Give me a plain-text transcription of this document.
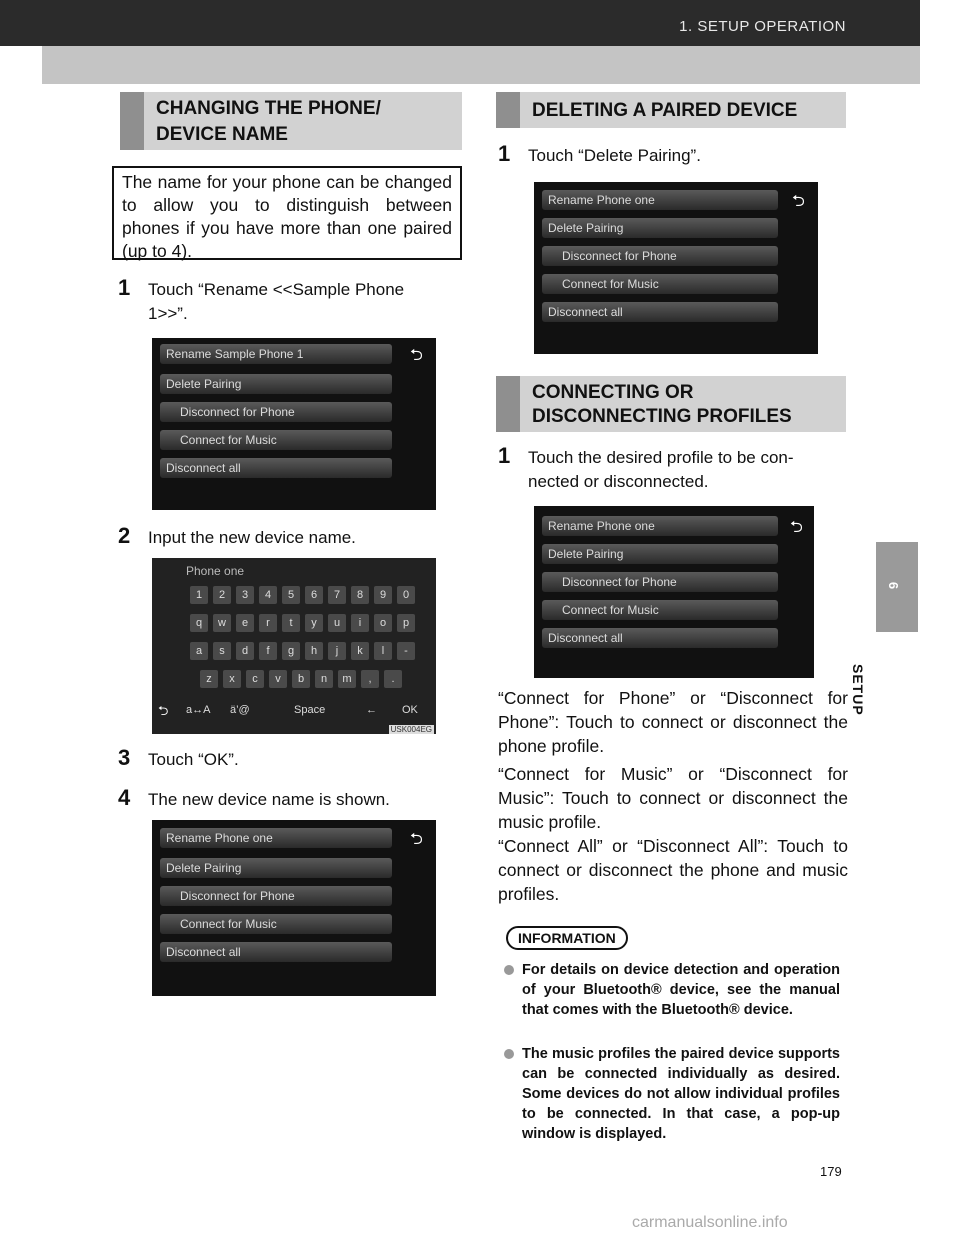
1. SETUP OPERATION
CHANGING THE PHONE/
DEVICE NAME
The name for your phone can be changed to allow you to distinguish between phones if you have more than one paired (up to 4).
1 Touch “Rename <<Sample Phone
1>>”.
Rename Sample Phone 1	⮌
Delete Pairing
Disconnect for Phone
Connect for Music
Disconnect all
2 Input the new device name.
Phone one
1	2	3	4	5	6	7	8	9	0
q	w	e	r	t	y	u	i	o	p
a	s	d	f	g	h	j	k	l	-
z	x	c	v	b	n	m	,	.
a↔A ä’@	Space	← OK
⮌
USK004EG
3 Touch “OK”.
4 The new device name is shown.
Rename Phone one	⮌
Delete Pairing
Disconnect for Phone
Connect for Music
Disconnect all
DELETING A PAIRED DEVICE
1 Touch “Delete Pairing”.
Rename Phone one	⮌
Delete Pairing
Disconnect for Phone
Connect for Music
Disconnect all
CONNECTING OR
DISCONNECTING PROFILES
1 Touch the desired profile to be con-
nected or disconnected.
Rename Phone one	⮌
Delete Pairing
Disconnect for Phone
Connect for Music
Disconnect all
“Connect for Phone” or “Disconnect for Phone”: Touch to connect or disconnect the phone profile.
“Connect for Music” or “Disconnect for Music”: Touch to connect or disconnect the music profile.
“Connect All” or “Disconnect All”: Touch to connect or disconnect the phone and music profiles.
INFORMATION
For details on device detection and operation of your Bluetooth® device, see the manual that comes with the Bluetooth® device.
The music profiles the paired device supports can be connected individually as desired. Some devices do not allow individual profiles to be connected. In that case, a pop-up window is displayed.
6
SETUP
179
carmanualsonline.info
